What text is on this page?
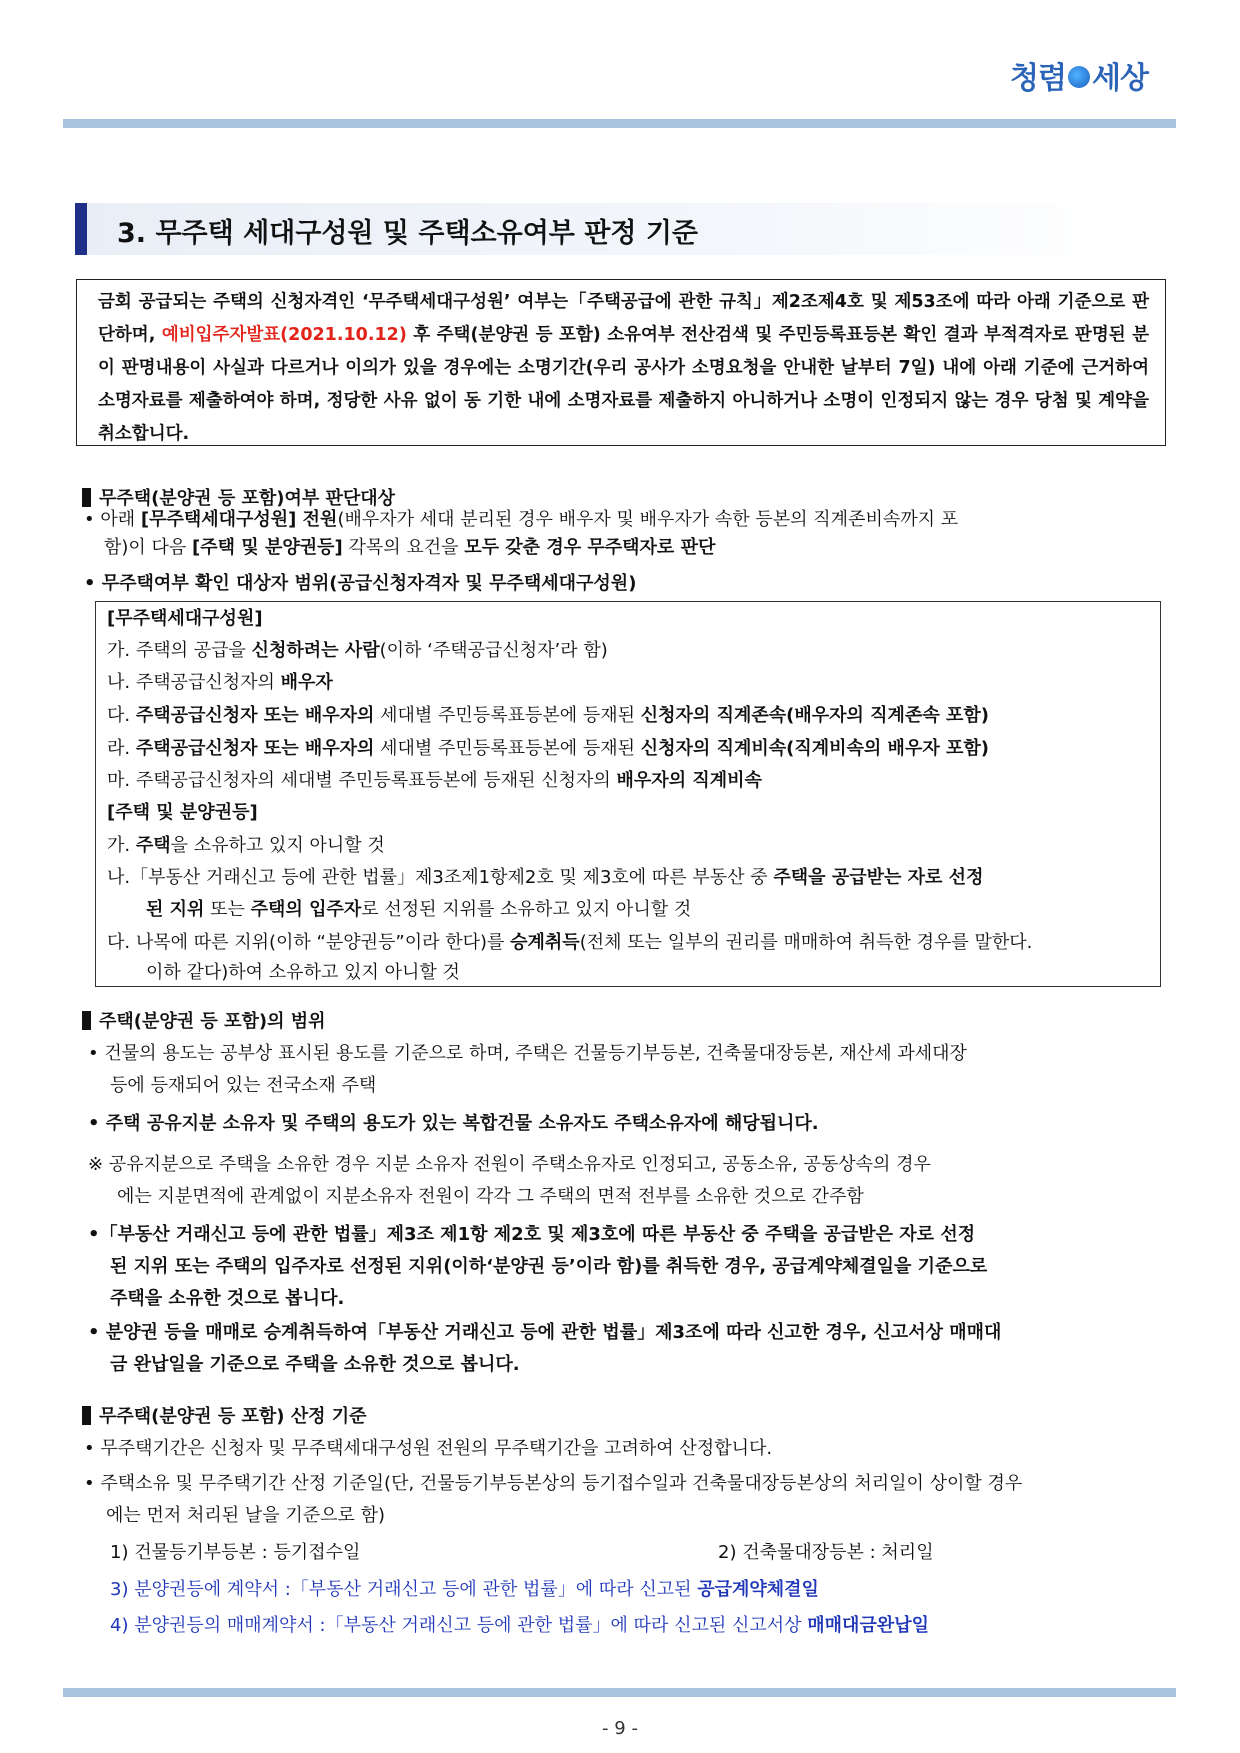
청렴 세상
3. 무주택 세대구성원 및 주택소유여부 판정 기준
금회 공급되는 주택의 신청자격인 ‘무주택세대구성원’ 여부는「주택공급에 관한 규칙」제2조제4호 및 제53조에 따라 아래 기준으로 판단하며, 예비입주자발표(2021.10.12) 후 주택(분양권 등 포함) 소유여부 전산검색 및 주민등록표등본 확인 결과 부적격자로 판명된 분이 판명내용이 사실과 다르거나 이의가 있을 경우에는 소명기간(우리 공사가 소명요청을 안내한 날부터 7일) 내에 아래 기준에 근거하여 소명자료를 제출하여야 하며, 정당한 사유 없이 동 기한 내에 소명자료를 제출하지 아니하거나 소명이 인정되지 않는 경우 당첨 및 계약을 취소합니다.
무주택(분양권 등 포함)여부 판단대상
• 아래 [무주택세대구성원] 전원(배우자가 세대 분리된 경우 배우자 및 배우자가 속한 등본의 직계존비속까지 포
함)이 다음 [주택 및 분양권등] 각목의 요건을 모두 갖춘 경우 무주택자로 판단
• 무주택여부 확인 대상자 범위(공급신청자격자 및 무주택세대구성원)
[무주택세대구성원]
가. 주택의 공급을 신청하려는 사람(이하 ‘주택공급신청자’라 함)
나. 주택공급신청자의 배우자
다. 주택공급신청자 또는 배우자의 세대별 주민등록표등본에 등재된 신청자의 직계존속(배우자의 직계존속 포함)
라. 주택공급신청자 또는 배우자의 세대별 주민등록표등본에 등재된 신청자의 직계비속(직계비속의 배우자 포함)
마. 주택공급신청자의 세대별 주민등록표등본에 등재된 신청자의 배우자의 직계비속
[주택 및 분양권등]
가. 주택을 소유하고 있지 아니할 것
나.「부동산 거래신고 등에 관한 법률」제3조제1항제2호 및 제3호에 따른 부동산 중 주택을 공급받는 자로 선정
된 지위 또는 주택의 입주자로 선정된 지위를 소유하고 있지 아니할 것
다. 나목에 따른 지위(이하 “분양권등”이라 한다)를 승계취득(전체 또는 일부의 권리를 매매하여 취득한 경우를 말한다.
이하 같다)하여 소유하고 있지 아니할 것
주택(분양권 등 포함)의 범위
• 건물의 용도는 공부상 표시된 용도를 기준으로 하며, 주택은 건물등기부등본, 건축물대장등본, 재산세 과세대장
등에 등재되어 있는 전국소재 주택
• 주택 공유지분 소유자 및 주택의 용도가 있는 복합건물 소유자도 주택소유자에 해당됩니다.
※ 공유지분으로 주택을 소유한 경우 지분 소유자 전원이 주택소유자로 인정되고, 공동소유, 공동상속의 경우
에는 지분면적에 관계없이 지분소유자 전원이 각각 그 주택의 면적 전부를 소유한 것으로 간주함
•「부동산 거래신고 등에 관한 법률」제3조 제1항 제2호 및 제3호에 따른 부동산 중 주택을 공급받은 자로 선정
된 지위 또는 주택의 입주자로 선정된 지위(이하‘분양권 등’이라 함)를 취득한 경우, 공급계약체결일을 기준으로
주택을 소유한 것으로 봅니다.
• 분양권 등을 매매로 승계취득하여「부동산 거래신고 등에 관한 법률」제3조에 따라 신고한 경우, 신고서상 매매대
금 완납일을 기준으로 주택을 소유한 것으로 봅니다.
무주택(분양권 등 포함) 산정 기준
• 무주택기간은 신청자 및 무주택세대구성원 전원의 무주택기간을 고려하여 산정합니다.
• 주택소유 및 무주택기간 산정 기준일(단, 건물등기부등본상의 등기접수일과 건축물대장등본상의 처리일이 상이할 경우
에는 먼저 처리된 날을 기준으로 함)
1) 건물등기부등본 : 등기접수일	2) 건축물대장등본 : 처리일
3) 분양권등에 계약서 :「부동산 거래신고 등에 관한 법률」에 따라 신고된 공급계약체결일
4) 분양권등의 매매계약서 :「부동산 거래신고 등에 관한 법률」에 따라 신고된 신고서상 매매대금완납일
- 9 -
